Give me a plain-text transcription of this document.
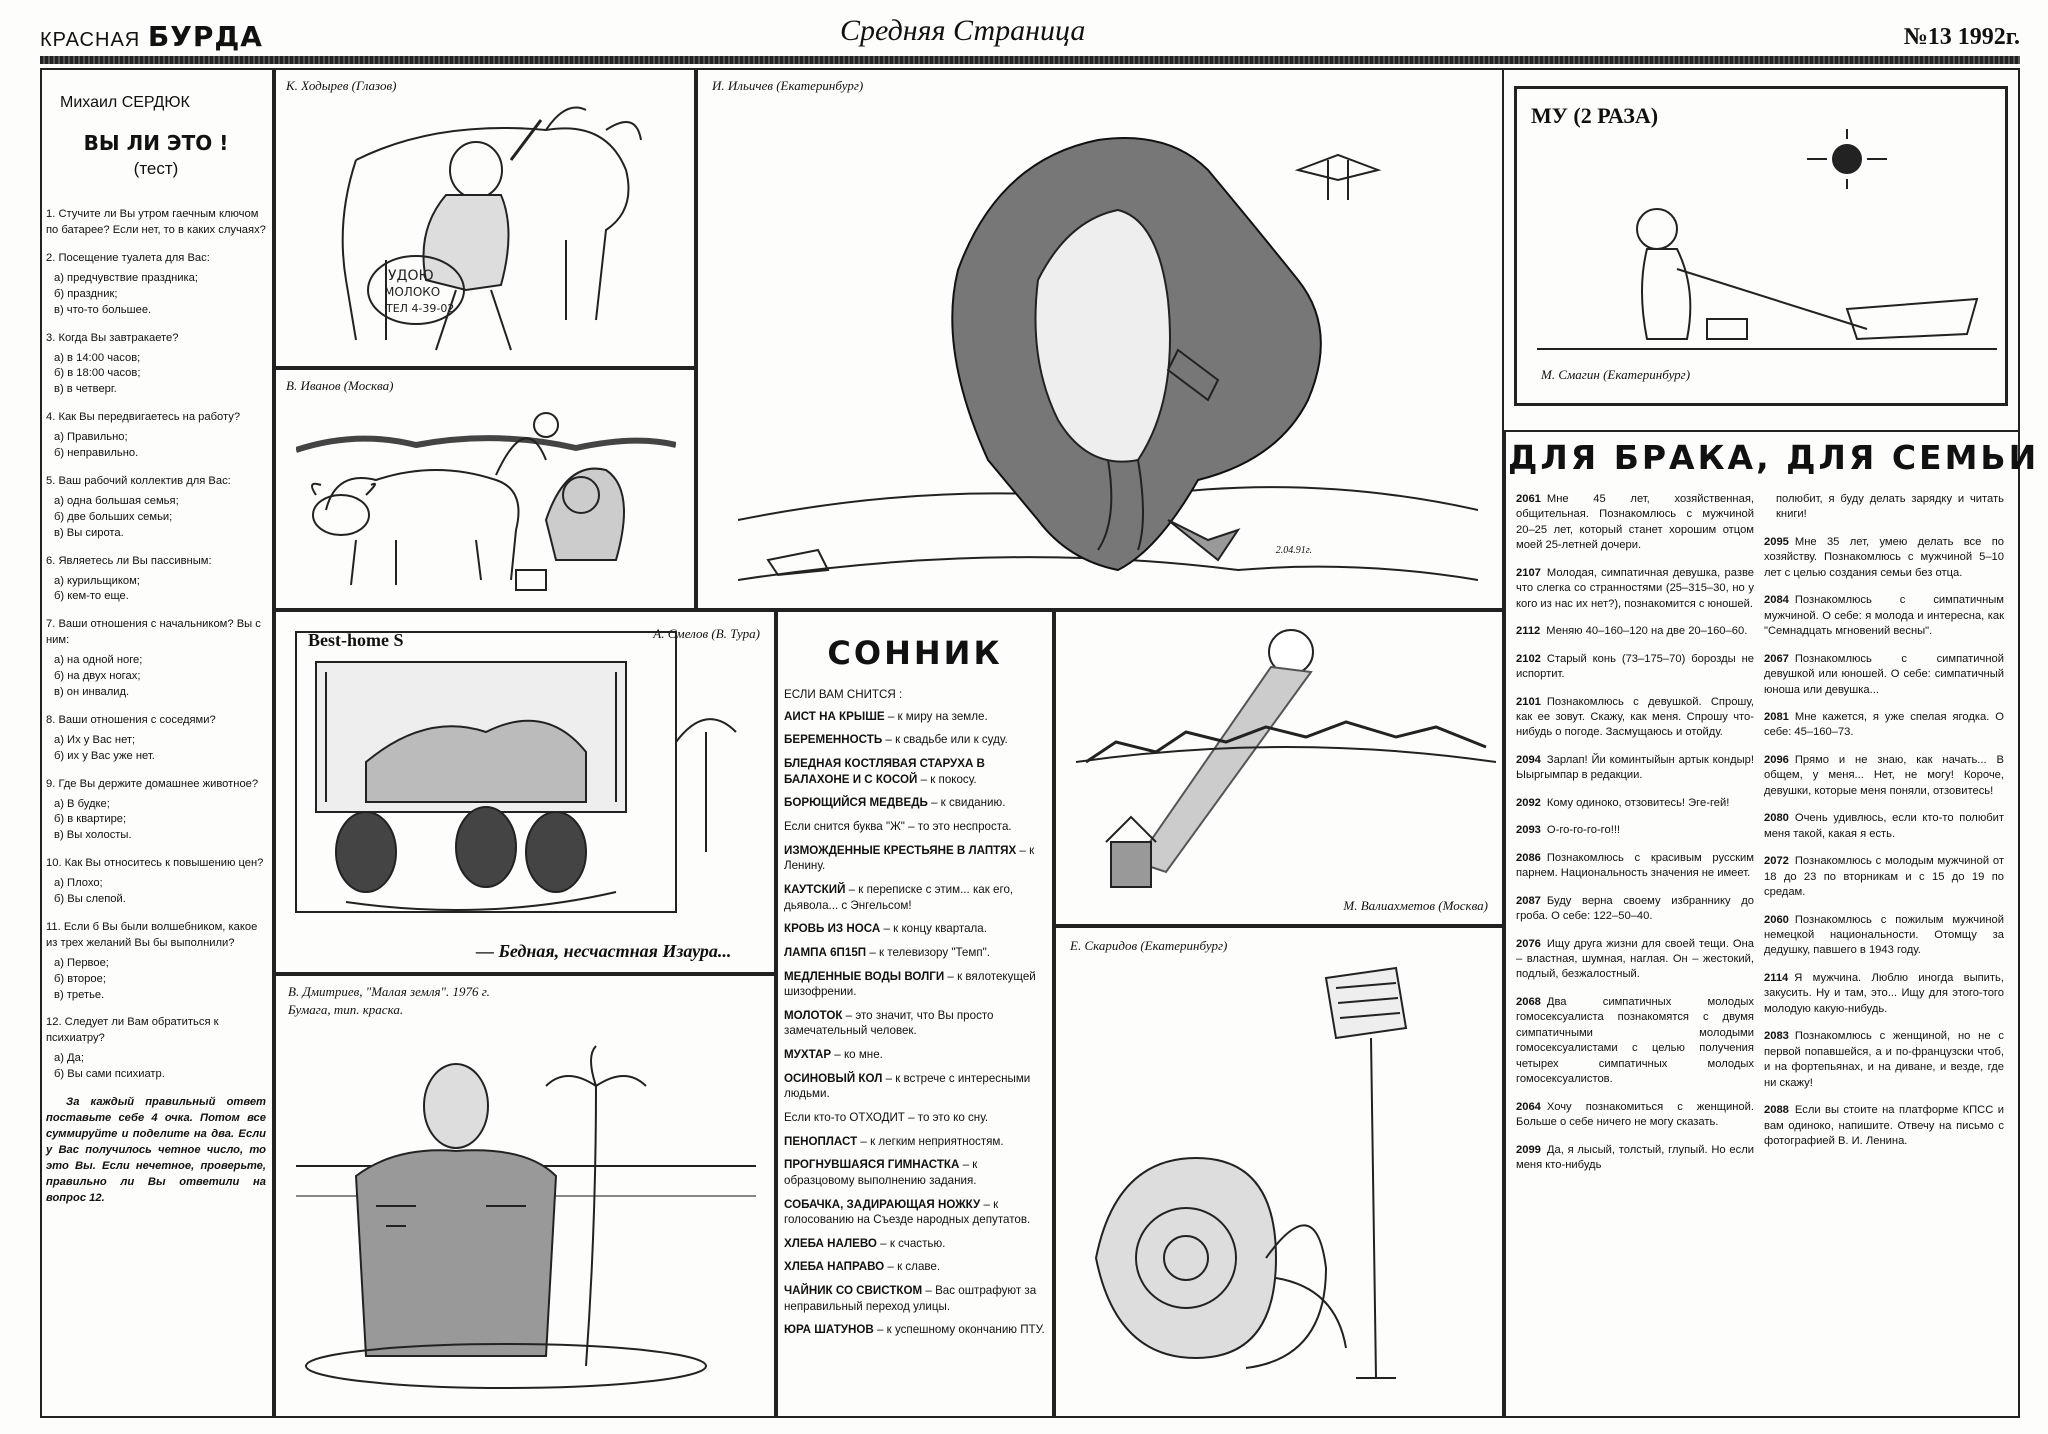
КРАСНАЯ БУРДА	Средняя Страница	№13 1992г.
Михаил СЕРДЮК
ВЫ ЛИ ЭТО !
(тест)
1. Стучите ли Вы утром гаечным ключом по батарее? Если нет, то в каких случаях?
2. Посещение туалета для Вас:
а) предчувствие праздника;
б) праздник;
в) что-то большее.
3. Когда Вы завтракаете?
а) в 14:00 часов;
б) в 18:00 часов;
в) в четверг.
4. Как Вы передвигаетесь на работу?
а) Правильно;
б) неправильно.
5. Ваш рабочий коллектив для Вас:
а) одна большая семья;
б) две больших семьи;
в) Вы сирота.
6. Являетесь ли Вы пассивным:
а) курильщиком;
б) кем-то еще.
7. Ваши отношения с начальником? Вы с ним:
а) на одной ноге;
б) на двух ногах;
в) он инвалид.
8. Ваши отношения с соседями?
а) Их у Вас нет;
б) их у Вас уже нет.
9. Где Вы держите домашнее животное?
а) В будке;
б) в квартире;
в) Вы холосты.
10. Как Вы относитесь к повышению цен?
а) Плохо;
б) Вы слепой.
11. Если б Вы были волшебником, какое из трех желаний Вы бы выполнили?
а) Первое;
б) второе;
в) третье.
12. Следует ли Вам обратиться к психиатру?
а) Да;
б) Вы сами психиатр.
За каждый правильный ответ поставьте себе 4 очка. Потом все суммируйте и поделите на два. Если у Вас получилось четное число, то это Вы. Если нечетное, проверьте, правильно ли Вы ответили на вопрос 12.
К. Ходырев (Глазов)
УДОЮ
МОЛОКО
ТЕЛ 4-39-02
В. Иванов (Москва)
И. Ильичев (Екатеринбург)
2.04.91г.
МУ (2 РАЗА)
М. Смагин (Екатеринбург)
ДЛЯ БРАКА, ДЛЯ СЕМЬИ
2061 Мне 45 лет, хозяйственная, общительная. Познакомлюсь с мужчиной 20–25 лет, который станет хорошим отцом моей 25-летней дочери.
2107 Молодая, симпатичная девушка, разве что слегка со странностями (25–315–30, но у кого из нас их нет?), познакомится с юношей.
2112 Меняю 40–160–120 на две 20–160–60.
2102 Старый конь (73–175–70) борозды не испортит.
2101 Познакомлюсь с девушкой. Спрошу, как ее зовут. Скажу, как меня. Спрошу что-нибудь о погоде. Засмущаюсь и отойду.
2094 Зарлап! Йи коминтыйын артык кондыр! Ыыргымпар в редакции.
2092 Кому одиноко, отзовитесь! Эге-гей!
2093 О-го-го-го-го!!!
2086 Познакомлюсь с красивым русским парнем. Национальность значения не имеет.
2087 Буду верна своему избраннику до гроба. О себе: 122–50–40.
2076 Ищу друга жизни для своей тещи. Она – властная, шумная, наглая. Он – жестокий, подлый, безжалостный.
2068 Два симпатичных молодых гомосексуалиста познакомятся с двумя симпатичными молодыми гомосексуалистами с целью получения четырех симпатичных молодых гомосексуалистов.
2064 Хочу познакомиться с женщиной. Больше о себе ничего не могу сказать.
2099 Да, я лысый, толстый, глупый. Но если меня кто-нибудь
полюбит, я буду делать зарядку и читать книги!
2095 Мне 35 лет, умею делать все по хозяйству. Познакомлюсь с мужчиной 5–10 лет с целью создания семьи без отца.
2084 Познакомлюсь с симпатичным мужчиной. О себе: я молода и интересна, как "Семнадцать мгновений весны".
2067 Познакомлюсь с симпатичной девушкой или юношей. О себе: симпатичный юноша или девушка...
2081 Мне кажется, я уже спелая ягодка. О себе: 45–160–73.
2096 Прямо и не знаю, как начать... В общем, у меня... Нет, не могу! Короче, девушки, которые меня поняли, отзовитесь!
2080 Очень удивлюсь, если кто-то полюбит меня такой, какая я есть.
2072 Познакомлюсь с молодым мужчиной от 18 до 23 по вторникам и с 15 до 19 по средам.
2060 Познакомлюсь с пожилым мужчиной немецкой национальности. Отомщу за дедушку, павшего в 1943 году.
2114 Я мужчина. Люблю иногда выпить, закусить. Ну и там, это... Ищу для этого-того молодую какую-нибудь.
2083 Познакомлюсь с женщиной, но не с первой попавшейся, а и по-французски чтоб, и на фортепьянах, и на диване, и везде, где ни скажу!
2088 Если вы стоите на платформе КПСС и вам одиноко, напишите. Отвечу на письмо с фотографией В. И. Ленина.
А. Смелов (В. Тура)
Best-home Ѕ
— Бедная, несчастная Изаура...
В. Дмитриев, "Малая земля". 1976 г.
Бумага, тип. краска.
СОННИК
ЕСЛИ ВАМ СНИТСЯ :
АИСТ НА КРЫШЕ – к миру на земле.
БЕРЕМЕННОСТЬ – к свадьбе или к суду.
БЛЕДНАЯ КОСТЛЯВАЯ СТАРУХА В БАЛАХОНЕ И С КОСОЙ – к покосу.
БОРЮЩИЙСЯ МЕДВЕДЬ – к свиданию.
Если снится буква "Ж" – то это неспроста.
ИЗМОЖДЕННЫЕ КРЕСТЬЯНЕ В ЛАПТЯХ – к Ленину.
КАУТСКИЙ – к переписке с этим... как его, дьявола... с Энгельсом!
КРОВЬ ИЗ НОСА – к концу квартала.
ЛАМПА 6П15П – к телевизору "Темп".
МЕДЛЕННЫЕ ВОДЫ ВОЛГИ – к вялотекущей шизофрении.
МОЛОТОК – это значит, что Вы просто замечательный человек.
МУХТАР – ко мне.
ОСИНОВЫЙ КОЛ – к встрече с интересными людьми.
Если кто-то ОТХОДИТ – то это ко сну.
ПЕНОПЛАСТ – к легким неприятностям.
ПРОГНУВШАЯСЯ ГИМНАСТКА – к образцовому выполнению задания.
СОБАЧКА, ЗАДИРАЮЩАЯ НОЖКУ – к голосованию на Съезде народных депутатов.
ХЛЕБА НАЛЕВО – к счастью.
ХЛЕБА НАПРАВО – к славе.
ЧАЙНИК СО СВИСТКОМ – Вас оштрафуют за неправильный переход улицы.
ЮРА ШАТУНОВ – к успешному окончанию ПТУ.
М. Валиахметов (Москва)
Е. Скаридов (Екатеринбург)
